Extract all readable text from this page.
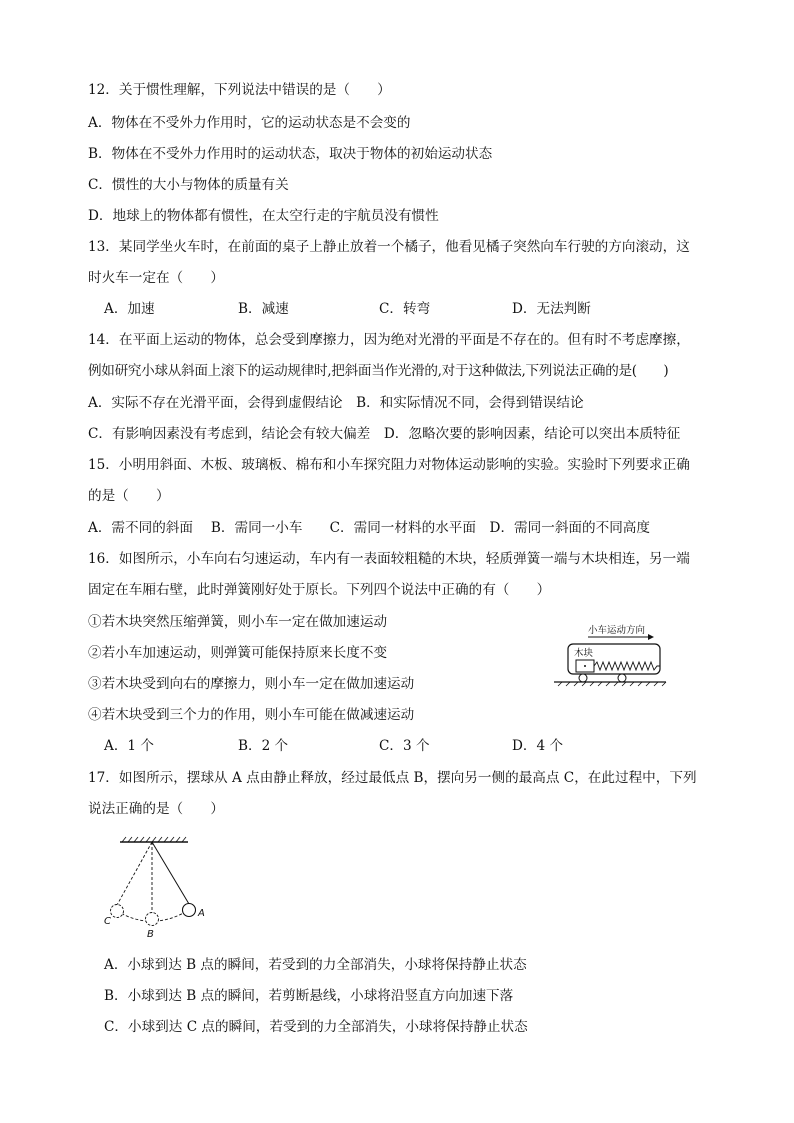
12．关于惯性理解，下列说法中错误的是（　　）
A．物体在不受外力作用时，它的运动状态是不会变的
B．物体在不受外力作用时的运动状态，取决于物体的初始运动状态
C．惯性的大小与物体的质量有关
D．地球上的物体都有惯性，在太空行走的宇航员没有惯性
13．某同学坐火车时，在前面的桌子上静止放着一个橘子，他看见橘子突然向车行驶的方向滚动，这
时火车一定在（　　）
A．加速	B．减速	C．转弯	D．无法判断
14．在平面上运动的物体，总会受到摩擦力，因为绝对光滑的平面是不存在的。但有时不考虑摩擦，
例如研究小球从斜面上滚下的运动规律时,把斜面当作光滑的,对于这种做法,下列说法正确的是(　　)
A．实际不存在光滑平面，会得到虚假结论　B．和实际情况不同，会得到错误结论
C．有影响因素没有考虑到，结论会有较大偏差　D．忽略次要的影响因素，结论可以突出本质特征
15．小明用斜面、木板、玻璃板、棉布和小车探究阻力对物体运动影响的实验。实验时下列要求正确
的是（　　）
A．需不同的斜面　 B．需同一小车　　C．需同一材料的水平面　D．需同一斜面的不同高度
16．如图所示，小车向右匀速运动，车内有一表面较粗糙的木块，轻质弹簧一端与木块相连，另一端
固定在车厢右壁，此时弹簧刚好处于原长。下列四个说法中正确的有（　　）
①若木块突然压缩弹簧，则小车一定在做加速运动
②若小车加速运动，则弹簧可能保持原来长度不变
③若木块受到向右的摩擦力，则小车一定在做加速运动
④若木块受到三个力的作用，则小车可能在做减速运动
A．1 个	B．2 个	C．3 个	D．4 个
小车运动方向
木块
17．如图所示，摆球从 A 点由静止释放，经过最低点 B，摆向另一侧的最高点 C，在此过程中，下列
说法正确的是（　　）
C
B
A
A．小球到达 B 点的瞬间，若受到的力全部消失，小球将保持静止状态
B．小球到达 B 点的瞬间，若剪断悬线，小球将沿竖直方向加速下落
C．小球到达 C 点的瞬间，若受到的力全部消失，小球将保持静止状态
